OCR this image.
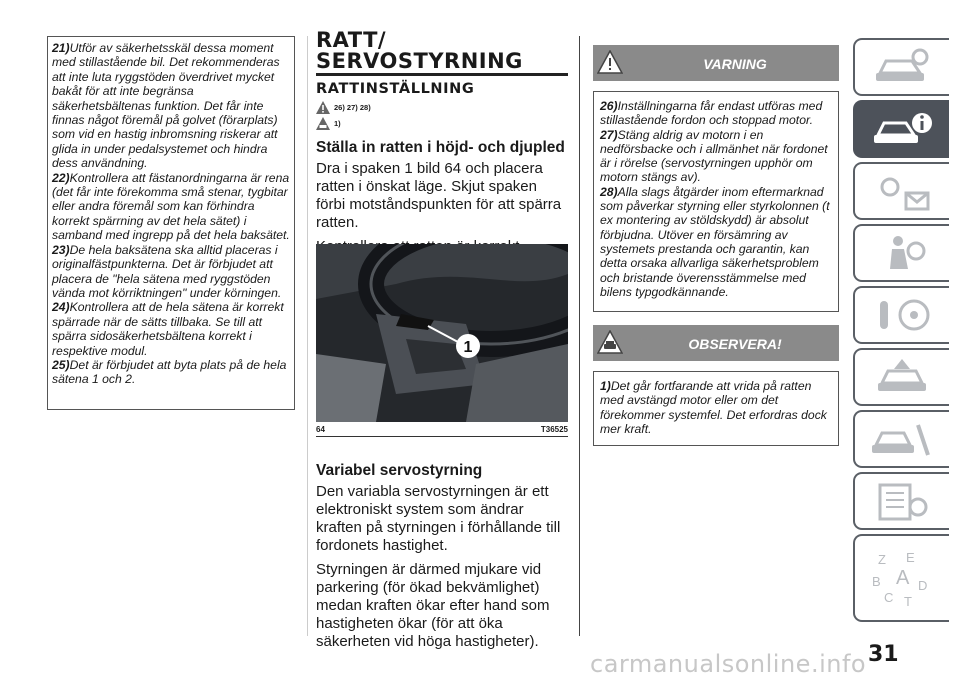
21)Utför av säkerhetsskäl dessa moment med stillastående bil. Det rekommenderas att inte luta ryggstöden överdrivet mycket bakåt för att inte begränsa säkerhetsbältenas funktion. Det får inte finnas något föremål på golvet (förarplats) som vid en hastig inbromsning riskerar att glida in under pedalsystemet och hindra dess användning.

22)Kontrollera att fästanordningarna är rena (det får inte förekomma små stenar, tygbitar eller andra föremål som kan förhindra korrekt spärrning av det hela sätet) i samband med ingrepp på det hela baksätet.

23)De hela baksätena ska alltid placeras i originalfästpunkterna. Det är förbjudet att placera de "hela sätena med ryggstöden vända mot körriktningen" under körningen.

24)Kontrollera att de hela sätena är korrekt spärrade när de sätts tillbaka. Se till att spärra sidosäkerhetsbältena korrekt i respektive modul.

25)Det är förbjudet att byta plats på de hela sätena 1 och 2.

RATT/
SERVOSTYRNING
RATTINSTÄLLNING
26) 27) 28)
1)
Ställa in ratten i höjd- och djupled

Dra i spaken 1 bild 64 och placera ratten i önskat läge. Skjut spaken förbi motståndspunkten för att spärra ratten.

1
64	T36525
Variabel servostyrning

Den variabla servostyrningen är ett elektroniskt system som ändrar kraften på styrningen i förhållande till fordonets hastighet.

Styrningen är därmed mjukare vid parkering (för ökad bekvämlighet) medan kraften ökar efter hand som hastigheten ökar (för att öka säkerheten vid höga hastigheter).

VARNING

26)Inställningarna får endast utföras med stillastående fordon och stoppad motor.

27)Stäng aldrig av motorn i en nedförsbacke och i allmänhet när fordonet är i rörelse (servostyrningen upphör om motorn stängs av).

28)Alla slags åtgärder inom eftermarknad som påverkar styrning eller styrkolonnen (t ex montering av stöldskydd) är absolut förbjudna. Utöver en försämring av systemets prestanda och garantin, kan detta orsaka allvarliga säkerhetsproblem och bristande överensstämmelse med bilens typgodkännande.

OBSERVERA!

1)Det går fortfarande att vrida på ratten med avstängd motor eller om det förekommer systemfel. Det erfordras dock mer kraft.

Z E
B A D
C T
31
carmanualsonline.info
